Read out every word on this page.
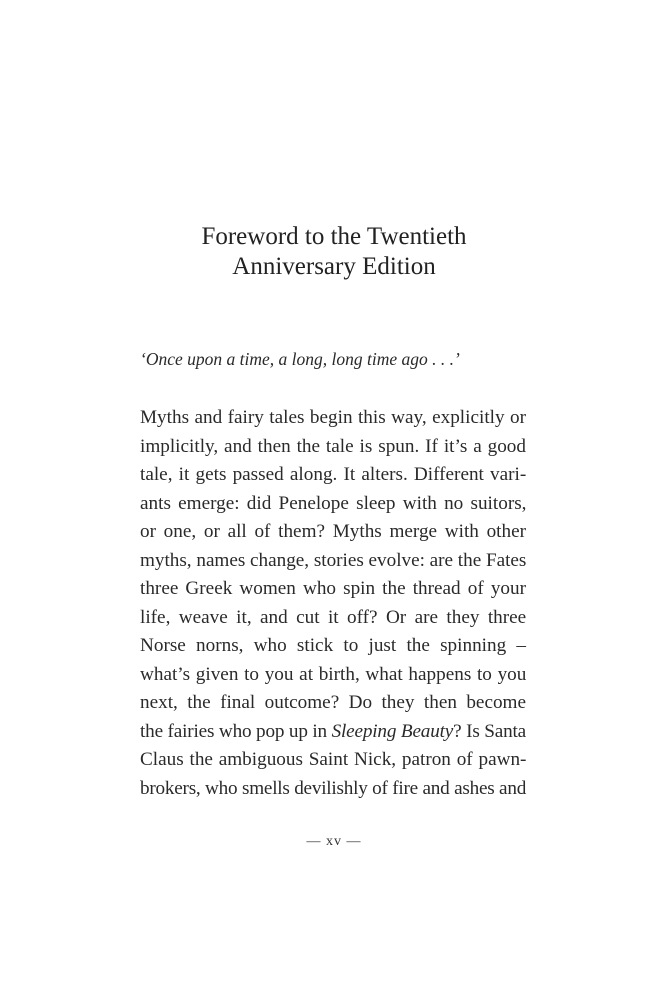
Foreword to the Twentieth
Anniversary Edition

‘Once upon a time, a long, long time ago . . .’

Myths and fairy tales begin this way, explicitly or
implicitly, and then the tale is spun. If it’s a good
tale, it gets passed along. It alters. Different vari-
ants emerge: did Penelope sleep with no suitors,
or one, or all of them? Myths merge with other
myths, names change, stories evolve: are the Fates
three Greek women who spin the thread of your
life, weave it, and cut it off? Or are they three
Norse norns, who stick to just the spinning –
what’s given to you at birth, what happens to you
next, the final outcome? Do they then become
the fairies who pop up in Sleeping Beauty? Is Santa
Claus the ambiguous Saint Nick, patron of pawn-
brokers, who smells devilishly of fire and ashes and
— xv —
